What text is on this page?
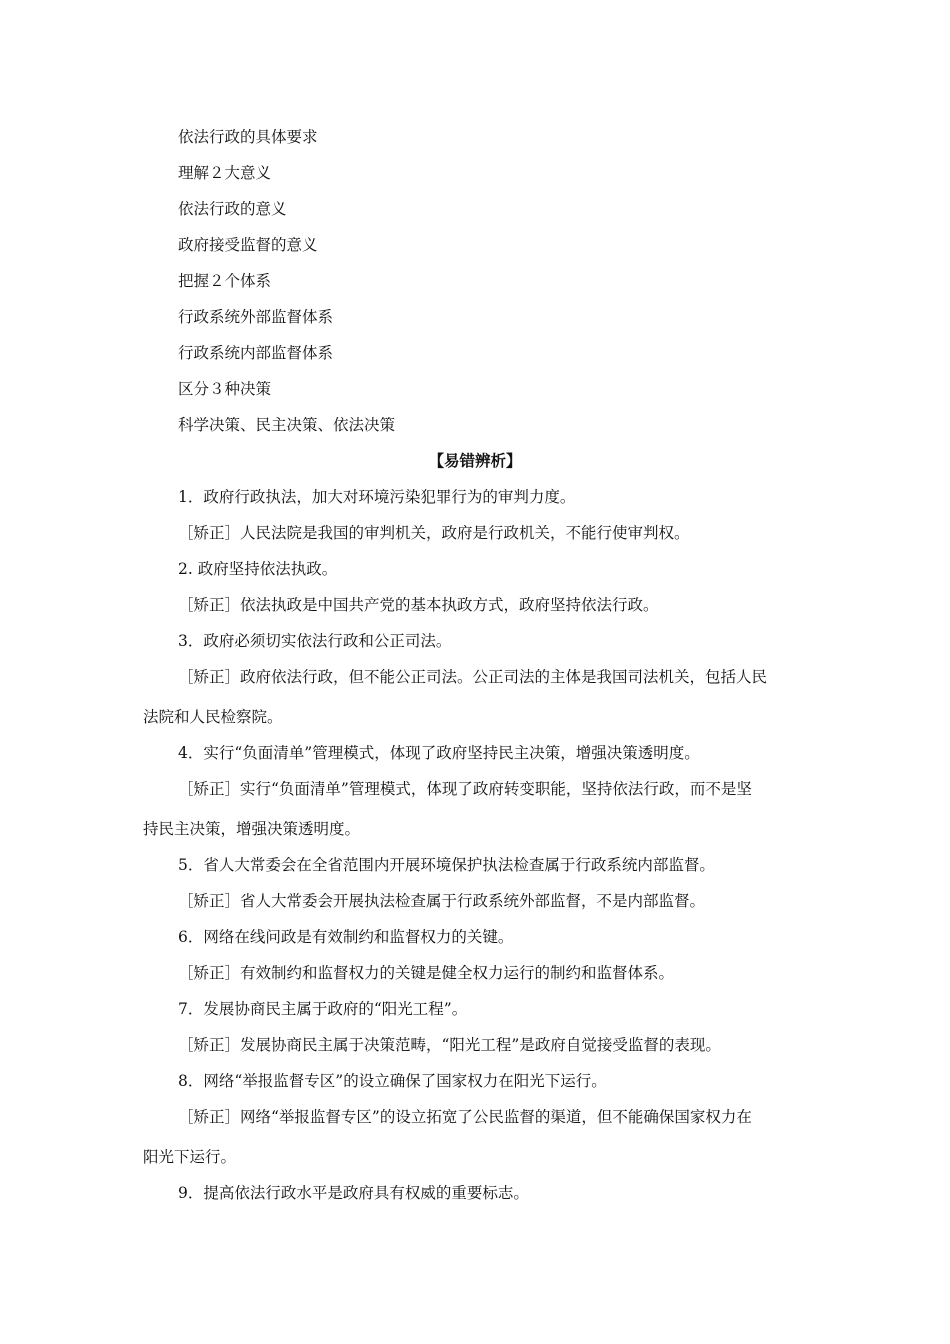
依法行政的具体要求
理解２大意义
依法行政的意义
政府接受监督的意义
把握２个体系
行政系统外部监督体系
行政系统内部监督体系
区分３种决策
科学决策、民主决策、依法决策
【易错辨析】
1．政府行政执法，加大对环境污染犯罪行为的审判力度。
［矫正］人民法院是我国的审判机关，政府是行政机关，不能行使审判权。
2. 政府坚持依法执政。
［矫正］依法执政是中国共产党的基本执政方式，政府坚持依法行政。
3．政府必须切实依法行政和公正司法。
［矫正］政府依法行政，但不能公正司法。公正司法的主体是我国司法机关，包括人民
法院和人民检察院。
4．实行“负面清单”管理模式，体现了政府坚持民主决策，增强决策透明度。
［矫正］实行“负面清单”管理模式，体现了政府转变职能，坚持依法行政，而不是坚
持民主决策，增强决策透明度。
5．省人大常委会在全省范围内开展环境保护执法检查属于行政系统内部监督。
［矫正］省人大常委会开展执法检查属于行政系统外部监督，不是内部监督。
6．网络在线问政是有效制约和监督权力的关键。
［矫正］有效制约和监督权力的关键是健全权力运行的制约和监督体系。
7．发展协商民主属于政府的“阳光工程”。
［矫正］发展协商民主属于决策范畴，“阳光工程”是政府自觉接受监督的表现。
8．网络“举报监督专区”的设立确保了国家权力在阳光下运行。
［矫正］网络“举报监督专区”的设立拓宽了公民监督的渠道，但不能确保国家权力在
阳光下运行。
9．提高依法行政水平是政府具有权威的重要标志。
